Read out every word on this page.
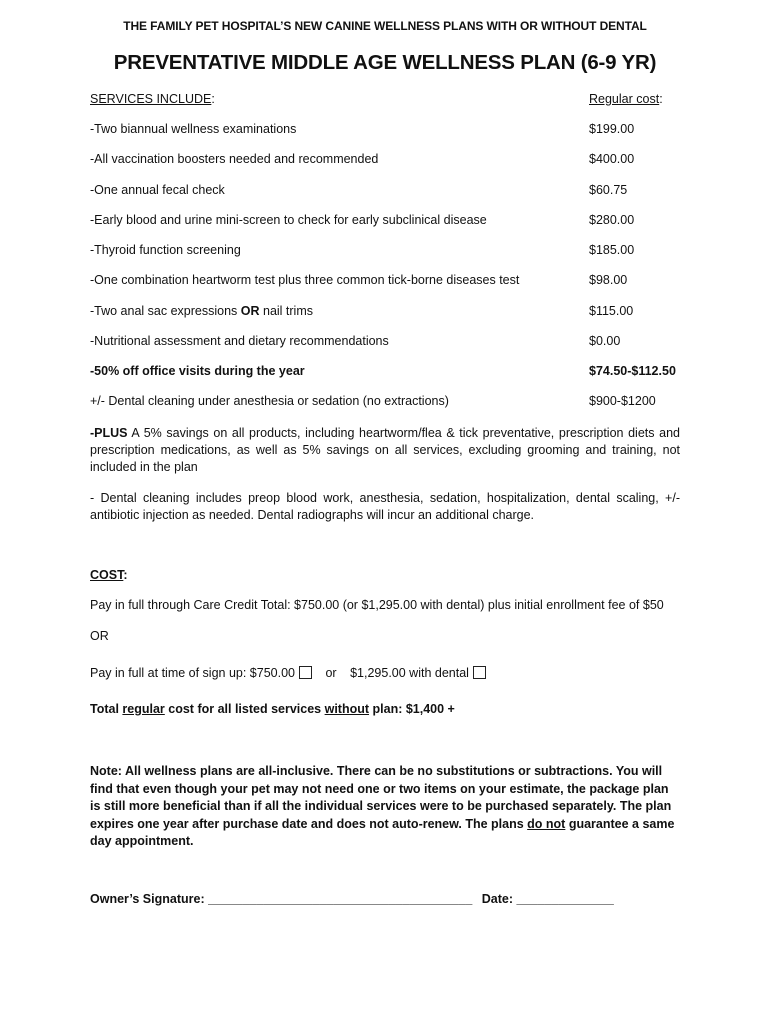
THE FAMILY PET HOSPITAL’S NEW CANINE WELLNESS PLANS WITH OR WITHOUT DENTAL
PREVENTATIVE MIDDLE AGE WELLNESS PLAN (6-9 YR)
SERVICES INCLUDE:	Regular cost:
-Two biannual wellness examinations	$199.00
-All vaccination boosters needed and recommended	$400.00
-One annual fecal check	$60.75
-Early blood and urine mini-screen to check for early subclinical disease	$280.00
-Thyroid function screening	$185.00
-One combination heartworm test plus three common tick-borne diseases test	$98.00
-Two anal sac expressions OR nail trims	$115.00
-Nutritional assessment and dietary recommendations	$0.00
-50% off office visits during the year	$74.50-$112.50
+/- Dental cleaning under anesthesia or sedation (no extractions)	$900-$1200
-PLUS A 5% savings on all products, including heartworm/flea & tick preventative, prescription diets and prescription medications, as well as 5% savings on all services, excluding grooming and training, not included in the plan
- Dental cleaning includes preop blood work, anesthesia, sedation, hospitalization, dental scaling, +/- antibiotic injection as needed. Dental radiographs will incur an additional charge.
COST:
Pay in full through Care Credit Total: $750.00 (or $1,295.00 with dental) plus initial enrollment fee of $50
OR
Pay in full at time of sign up: $750.00 or $1,295.00 with dental
Total regular cost for all listed services without plan: $1,400 +
Note: All wellness plans are all-inclusive. There can be no substitutions or subtractions. You will find that even though your pet may not need one or two items on your estimate, the package plan is still more beneficial than if all the individual services were to be purchased separately. The plan expires one year after purchase date and does not auto-renew. The plans do not guarantee a same day appointment.
Owner’s Signature: ______________________________________ Date: ______________
